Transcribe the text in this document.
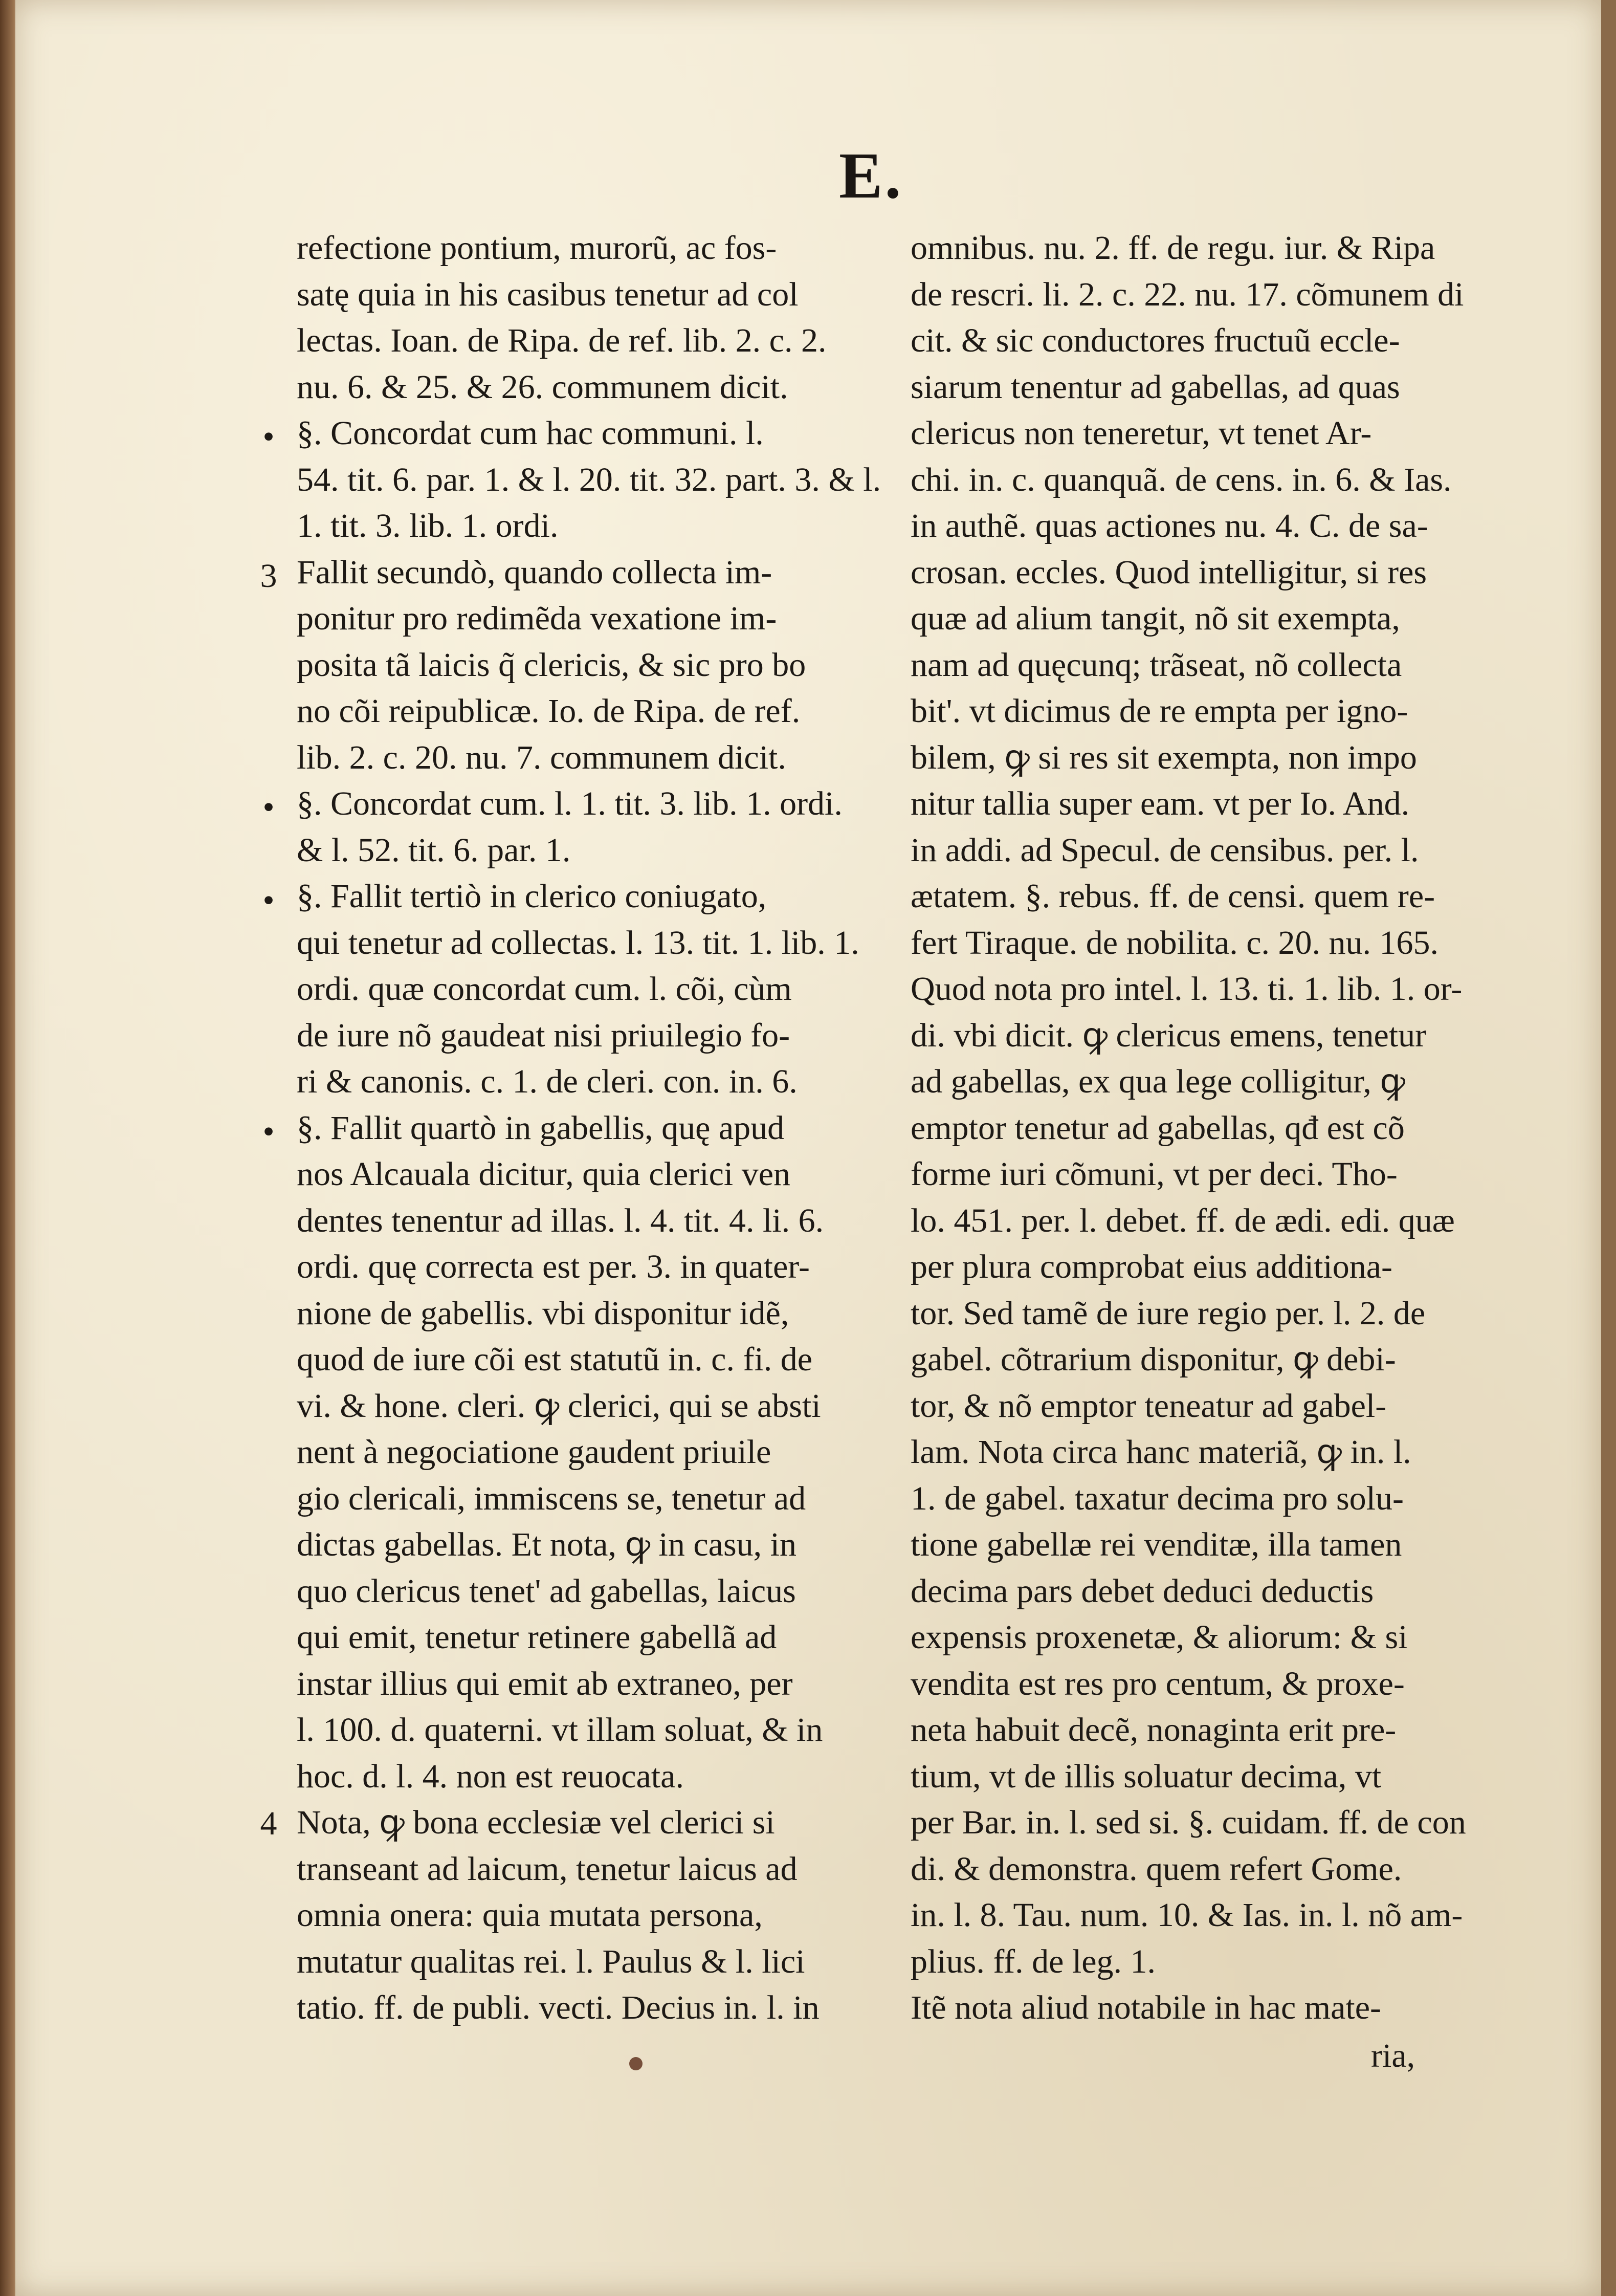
E.
refectione pontium, murorũ, ac fos-
satę quia in his casibus tenetur ad col
lectas. Ioan. de Ripa. de ref. lib. 2. c. 2.
nu. 6. & 25. & 26. communem dicit.
§. Concordat cum hac communi. l.
54. tit. 6. par. 1. & l. 20. tit. 32. part. 3. & l.
1. tit. 3. lib. 1. ordi.
Fallit secundò, quando collecta im-
ponitur pro redimẽda vexatione im-
posita tã laicis q̃ clericis, & sic pro bo
no cõi reipublicæ. Io. de Ripa. de ref.
lib. 2. c. 20. nu. 7. communem dicit.
§. Concordat cum. l. 1. tit. 3. lib. 1. ordi.
& l. 52. tit. 6. par. 1.
§. Fallit tertiò in clerico coniugato,
qui tenetur ad collectas. l. 13. tit. 1. lib. 1.
ordi. quæ concordat cum. l. cõi, cùm
de iure nõ gaudeat nisi priuilegio fo-
ri & canonis. c. 1. de cleri. con. in. 6.
§. Fallit quartò in gabellis, quę apud
nos Alcauala dicitur, quia clerici ven
dentes tenentur ad illas. l. 4. tit. 4. li. 6.
ordi. quę correcta est per. 3. in quater-
nione de gabellis. vbi disponitur idẽ,
quod de iure cõi est statutũ in. c. fi. de
vi. & hone. cleri. ꝙ clerici, qui se absti
nent à negociatione gaudent priuile
gio clericali, immiscens se, tenetur ad
dictas gabellas. Et nota, ꝙ in casu, in
quo clericus tenet' ad gabellas, laicus
qui emit, tenetur retinere gabellã ad
instar illius qui emit ab extraneo, per
l. 100. d. quaterni. vt illam soluat, & in
hoc. d. l. 4. non est reuocata.
Nota, ꝙ bona ecclesiæ vel clerici si
transeant ad laicum, tenetur laicus ad
omnia onera: quia mutata persona,
mutatur qualitas rei. l. Paulus & l. lici
tatio. ff. de publi. vecti. Decius in. l. in
omnibus. nu. 2. ff. de regu. iur. & Ripa
de rescri. li. 2. c. 22. nu. 17. cõmunem di
cit. & sic conductores fructuũ eccle-
siarum tenentur ad gabellas, ad quas
clericus non teneretur, vt tenet Ar-
chi. in. c. quanquã. de cens. in. 6. & Ias.
in authẽ. quas actiones nu. 4. C. de sa-
crosan. eccles. Quod intelligitur, si res
quæ ad alium tangit, nõ sit exempta,
nam ad quęcunq; trãseat, nõ collecta
bit'. vt dicimus de re empta per igno-
bilem, ꝙ si res sit exempta, non impo
nitur tallia super eam. vt per Io. And.
in addi. ad Specul. de censibus. per. l.
ætatem. §. rebus. ff. de censi. quem re-
fert Tiraque. de nobilita. c. 20. nu. 165.
Quod nota pro intel. l. 13. ti. 1. lib. 1. or-
di. vbi dicit. ꝙ clericus emens, tenetur
ad gabellas, ex qua lege colligitur, ꝙ
emptor tenetur ad gabellas, qđ est cõ
forme iuri cõmuni, vt per deci. Tho-
lo. 451. per. l. debet. ff. de ædi. edi. quæ
per plura comprobat eius additiona-
tor. Sed tamẽ de iure regio per. l. 2. de
gabel. cõtrarium disponitur, ꝙ debi-
tor, & nõ emptor teneatur ad gabel-
lam. Nota circa hanc materiã, ꝙ in. l.
1. de gabel. taxatur decima pro solu-
tione gabellæ rei venditæ, illa tamen
decima pars debet deduci deductis
expensis proxenetæ, & aliorum: & si
vendita est res pro centum, & proxe-
neta habuit decẽ, nonaginta erit pre-
tium, vt de illis soluatur decima, vt
per Bar. in. l. sed si. §. cuidam. ff. de con
di. & demonstra. quem refert Gome.
in. l. 8. Tau. num. 10. & Ias. in. l. nõ am-
plius. ff. de leg. 1.
Itẽ nota aliud notabile in hac mate-
•
3
•
•
•
4
ria,
